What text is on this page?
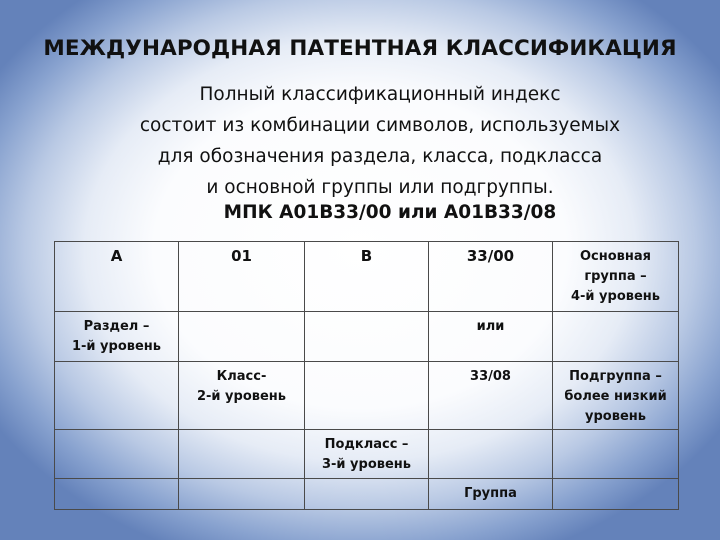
МЕЖДУНАРОДНАЯ ПАТЕНТНАЯ КЛАССИФИКАЦИЯ
Полный классификационный индекс
состоит из комбинации символов, используемых
для обозначения раздела, класса, подкласса
и основной группы или подгруппы.
МПК А01В33/00 или А01В33/08
А	01	В	33/00	Основная
группа –
4-й уровень

Раздел –
1-й уровень			или	

	Класс-
2-й уровень		33/08	Подгруппа –
более низкий
уровень

		Подкласс –
3-й уровень		

			Группа	
